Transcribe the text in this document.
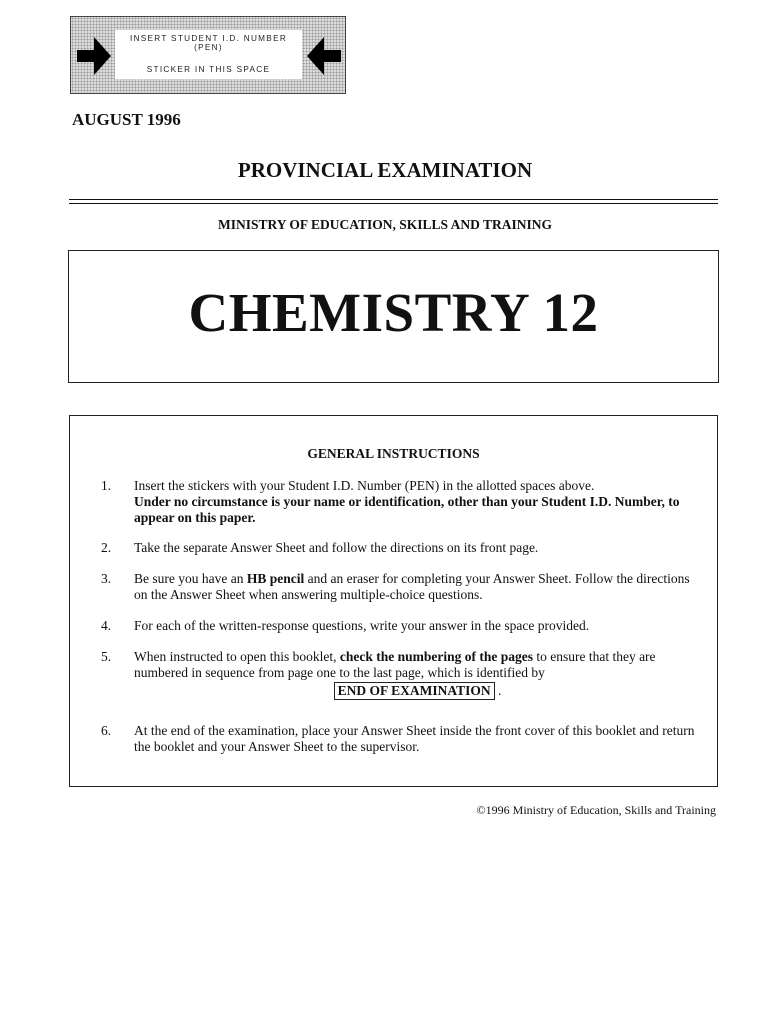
INSERT STUDENT I.D. NUMBER (PEN)
STICKER IN THIS SPACE
AUGUST 1996
PROVINCIAL EXAMINATION
MINISTRY OF EDUCATION, SKILLS AND TRAINING
CHEMISTRY 12
GENERAL INSTRUCTIONS
1.	Insert the stickers with your Student I.D. Number (PEN) in the allotted spaces above.
Under no circumstance is your name or identification, other than your Student I.D. Number, to appear on this paper.
2.	Take the separate Answer Sheet and follow the directions on its front page.
3.	Be sure you have an HB pencil and an eraser for completing your Answer Sheet. Follow the directions on the Answer Sheet when answering multiple-choice questions.
4.	For each of the written-response questions, write your answer in the space provided.
5.	When instructed to open this booklet, check the numbering of the pages to ensure that they are numbered in sequence from page one to the last page, which is identified by
END OF EXAMINATION .
6.	At the end of the examination, place your Answer Sheet inside the front cover of this booklet and return the booklet and your Answer Sheet to the supervisor.
©1996 Ministry of Education, Skills and Training
